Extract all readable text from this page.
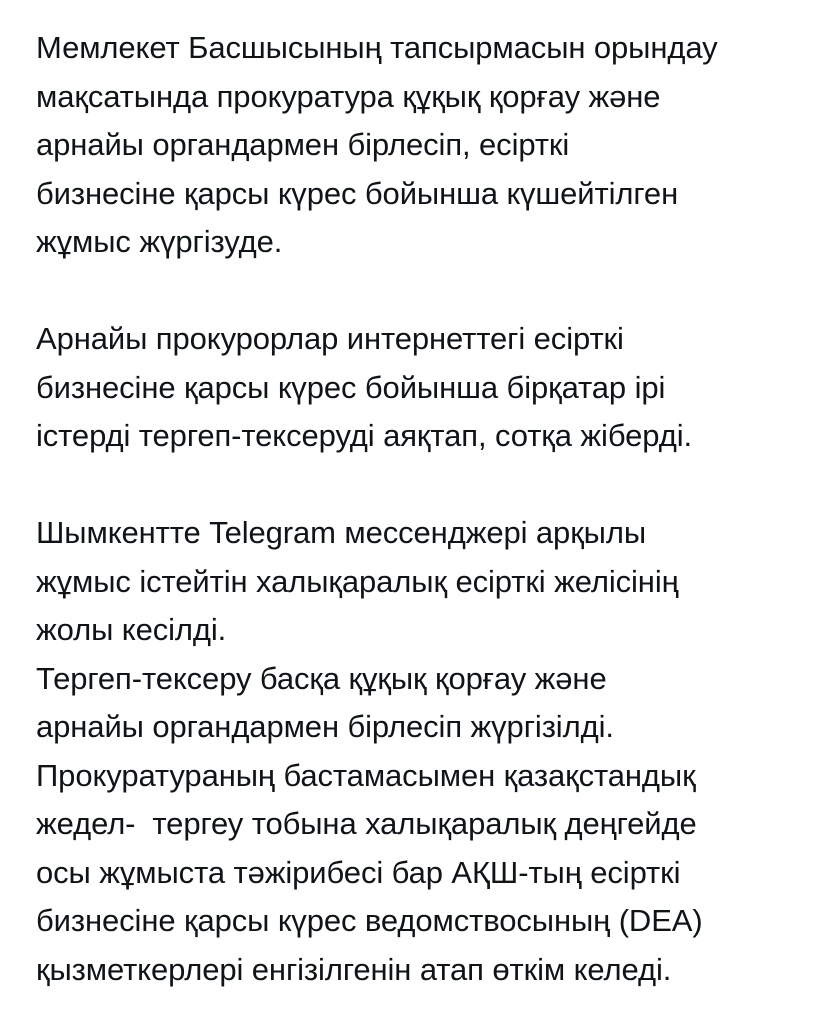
Мемлекет Басшысының тапсырмасын орындау
мақсатында прокуратура құқық қорғау және
арнайы органдармен бірлесіп, есірткі
бизнесіне қарсы күрес бойынша күшейтілген
жұмыс жүргізуде.
Арнайы прокурорлар интернеттегі есірткі
бизнесіне қарсы күрес бойынша бірқатар ірі
істерді тергеп-тексеруді аяқтап, сотқа жіберді.
Шымкентте Telegram мессенджері арқылы
жұмыс істейтін халықаралық есірткі желісінің
жолы кесілді.
Тергеп-тексеру басқа құқық қорғау және
арнайы органдармен бірлесіп жүргізілді.
Прокуратураның бастамасымен қазақстандық
жедел-  тергеу тобына халықаралық деңгейде
осы жұмыста тәжірибесі бар АҚШ-тың есірткі
бизнесіне қарсы күрес ведомствосының (DEA)
қызметкерлері енгізілгенін атап өткім келеді.
